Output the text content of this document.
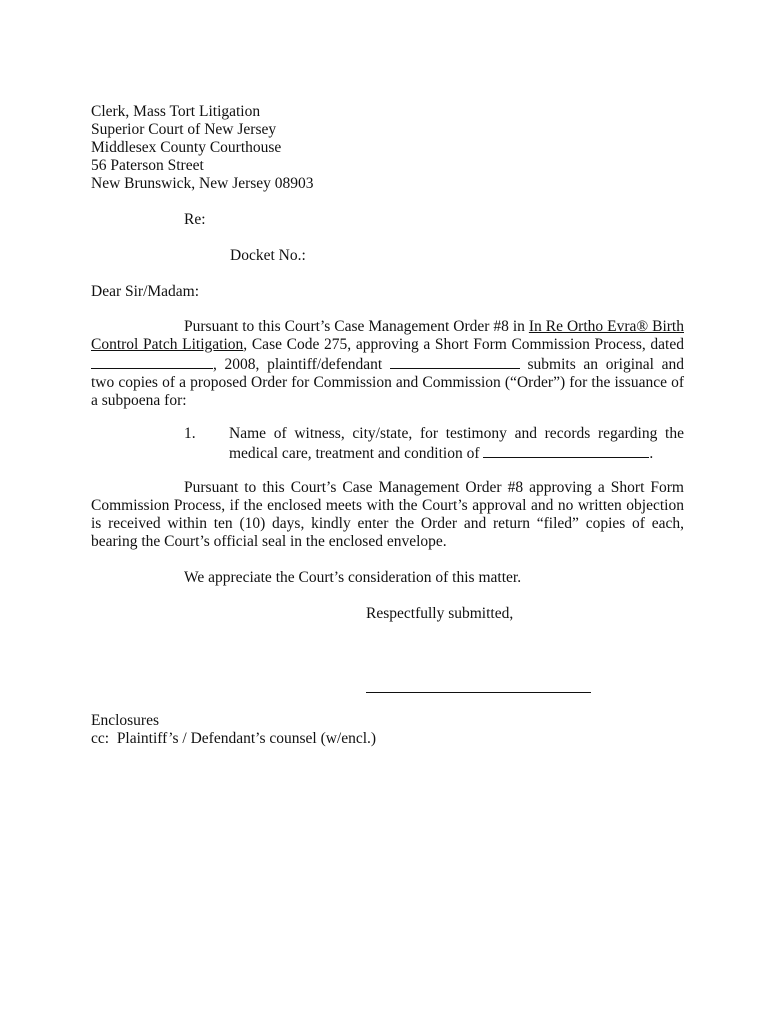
Clerk, Mass Tort Litigation
Superior Court of New Jersey
Middlesex County Courthouse
56 Paterson Street
New Brunswick, New Jersey 08903
Re:
Docket No.:
Dear Sir/Madam:
Pursuant to this Court’s Case Management Order #8 in In Re Ortho Evra® Birth Control Patch Litigation, Case Code 275, approving a Short Form Commission Process, dated , 2008, plaintiff/defendant	submits an original and two copies of a proposed Order for Commission and Commission (“Order”) for the issuance of a subpoena for:
1. Name of witness, city/state, for testimony and records regarding the medical care, treatment and condition of	.
Pursuant to this Court’s Case Management Order #8 approving a Short Form Commission Process, if the enclosed meets with the Court’s approval and no written objection is received within ten (10) days, kindly enter the Order and return “filed” copies of each, bearing the Court’s official seal in the enclosed envelope.
We appreciate the Court’s consideration of this matter.
Respectfully submitted,
Enclosures
cc:  Plaintiff’s / Defendant’s counsel (w/encl.)
